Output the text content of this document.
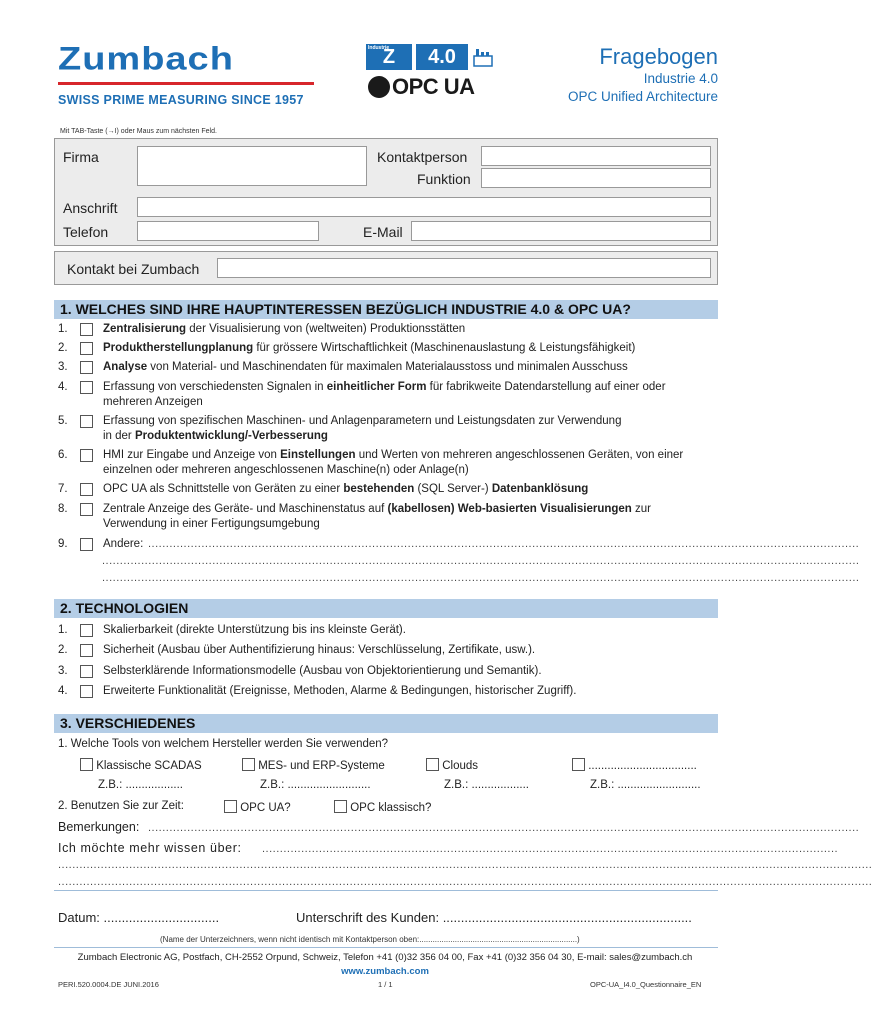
Zumbach
SWISS PRIME MEASURING SINCE 1957
Industrie
Z	4.0
OPC UA
Fragebogen
Industrie 4.0
OPC Unified Architecture
Mit TAB-Taste (→I) oder Maus zum nächsten Feld.
Firma	Kontaktperson
Funktion
Anschrift
Telefon	E-Mail
Kontakt bei Zumbach
1. WELCHES SIND IHRE HAUPTINTERESSEN BEZÜGLICH INDUSTRIE 4.0 & OPC UA?
1.	Zentralisierung der Visualisierung von (weltweiten) Produktionsstätten
2.	Produktherstellungplanung für grössere Wirtschaftlichkeit (Maschinenauslastung & Leistungsfähigkeit)
3.	Analyse von Material- und Maschinendaten für maximalen Materialausstoss und minimalen Ausschuss
4.	Erfassung von verschiedensten Signalen in einheitlicher Form für fabrikweite Datendarstellung auf einer oder mehreren Anzeigen
5.	Erfassung von spezifischen Maschinen- und Anlagenparametern und Leistungsdaten zur Verwendung in der Produktentwicklung/-Verbesserung
6.	HMI zur Eingabe und Anzeige von Einstellungen und Werten von mehreren angeschlossenen Geräten, von einer einzelnen oder mehreren angeschlossenen Maschine(n) oder Anlage(n)
7.	OPC UA als Schnittstelle von Geräten zu einer bestehenden (SQL Server-) Datenbanklösung
8.	Zentrale Anzeige des Geräte- und Maschinenstatus auf (kabellosen) Web-basierten Visualisierungen zur Verwendung in einer Fertigungsumgebung
9.	Andere: ........................................................................................................................................................................................................
.....................................................................................................................................................................................................................
.....................................................................................................................................................................................................................
2. TECHNOLOGIEN
1.	Skalierbarkeit (direkte Unterstützung bis ins kleinste Gerät).
2.	Sicherheit (Ausbau über Authentifizierung hinaus: Verschlüsselung, Zertifikate, usw.).
3.	Selbsterklärende Informationsmodelle (Ausbau von Objektorientierung und Semantik).
4.	Erweiterte Funktionalität (Ereignisse, Methoden, Alarme & Bedingungen, historischer Zugriff).
3. VERSCHIEDENES
1. Welche Tools von welchem Hersteller werden Sie verwenden?
Klassische SCADAS	MES- und ERP-Systeme	Clouds	..................................
Z.B.: ..................	Z.B.: ..........................	Z.B.: ..................	Z.B.: ..........................
2. Benutzen Sie zur Zeit:	OPC UA?	OPC klassisch?
Bemerkungen: ........................................................................................................................................................................................................
Ich möchte mehr wissen über: ..................................................................................................................................................................
.....................................................................................................................................................................................................................................
.....................................................................................................................................................................................................................................
Datum: ................................	Unterschrift des Kunden: .....................................................................
(Name der Unterzeichners, wenn nicht identisch mit Kontaktperson oben:.......................................................................)
Zumbach Electronic AG, Postfach, CH-2552 Orpund, Schweiz, Telefon +41 (0)32 356 04 00, Fax +41 (0)32 356 04 30, E-mail: sales@zumbach.ch
www.zumbach.com
PERI.520.0004.DE JUNI.2016	1 / 1	OPC-UA_I4.0_Questionnaire_EN
